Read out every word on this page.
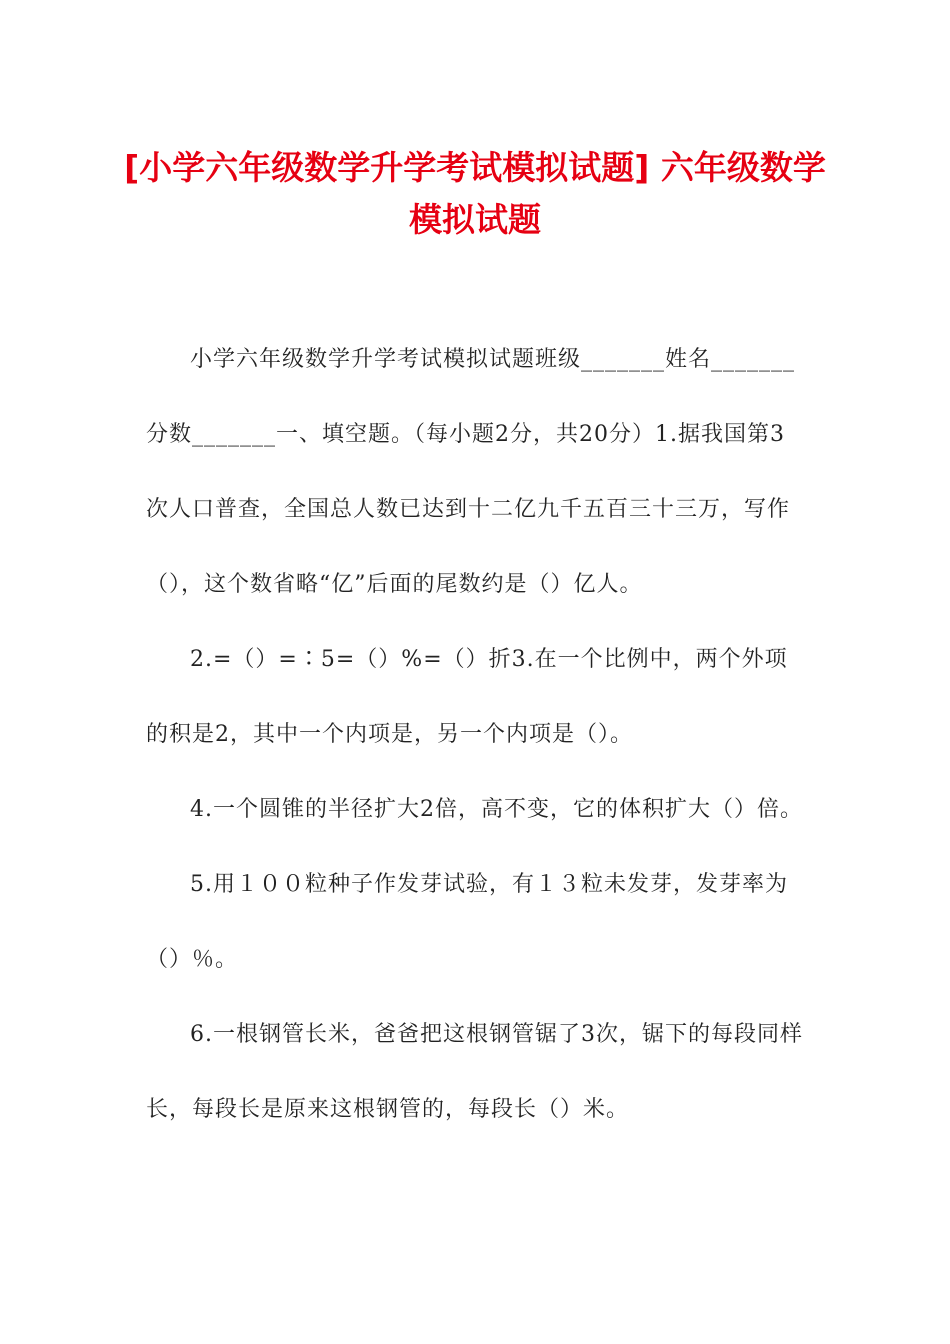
[小学六年级数学升学考试模拟试题] 六年级数学模拟试题

小学六年级数学升学考试模拟试题班级_______姓名_______分数_______一、填空题。（每小题2分，共20分）1.据我国第3次人口普查，全国总人数已达到十二亿九千五百三十三万，写作（），这个数省略“亿”后面的尾数约是（）亿人。

2.=（）=∶5=（）%=（）折3.在一个比例中，两个外项的积是2，其中一个内项是，另一个内项是（）。

4.一个圆锥的半径扩大2倍，高不变，它的体积扩大（）倍。

5.用１００粒种子作发芽试验，有１３粒未发芽，发芽率为（）％。

6.一根钢管长米，爸爸把这根钢管锯了3次，锯下的每段同样长，每段长是原来这根钢管的，每段长（）米。
